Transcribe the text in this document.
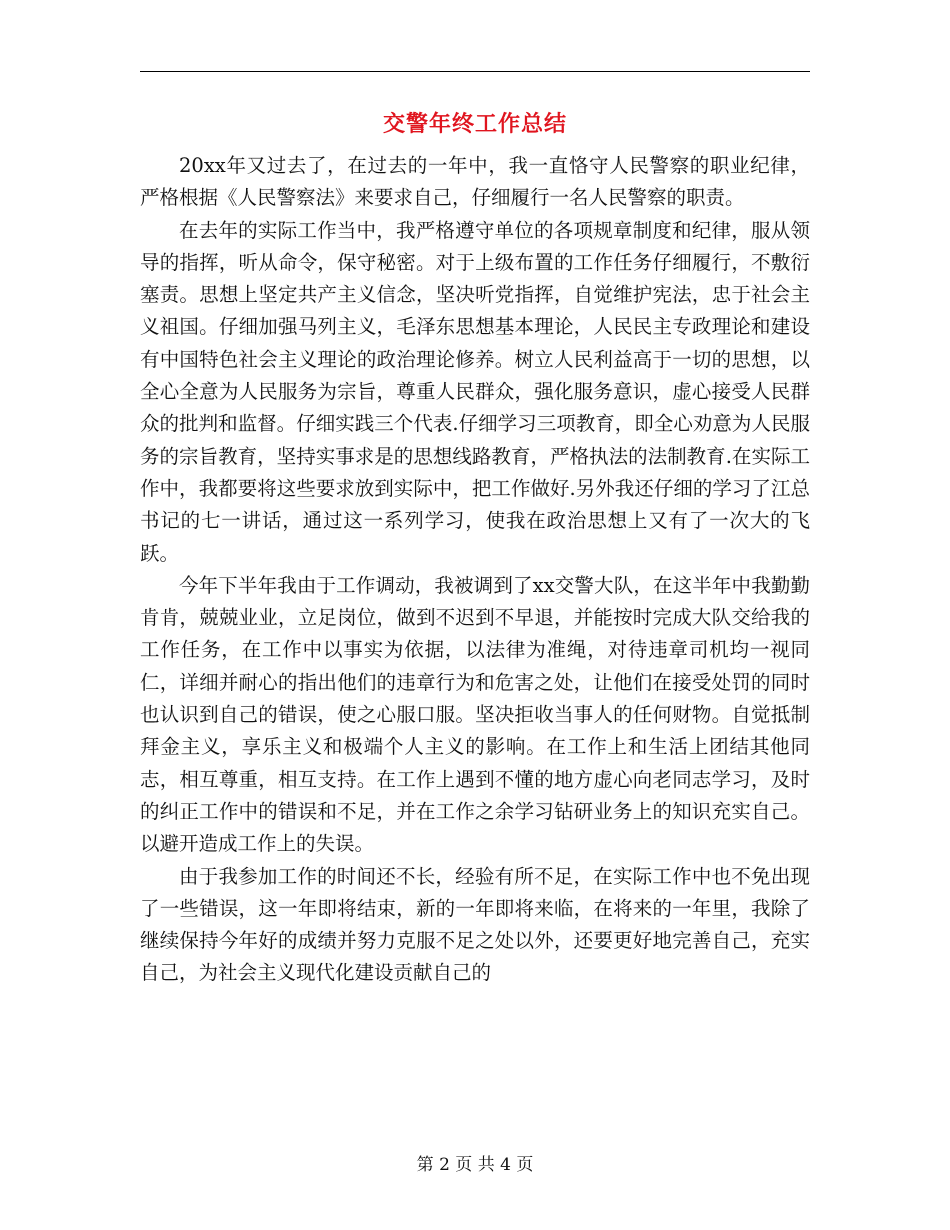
交警年终工作总结

20xx年又过去了，在过去的一年中，我一直恪守人民警察的职业纪律，严格根据《人民警察法》来要求自己，仔细履行一名人民警察的职责。

在去年的实际工作当中，我严格遵守单位的各项规章制度和纪律，服从领导的指挥，听从命令，保守秘密。对于上级布置的工作任务仔细履行，不敷衍塞责。思想上坚定共产主义信念，坚决听党指挥，自觉维护宪法，忠于社会主义祖国。仔细加强马列主义，毛泽东思想基本理论，人民民主专政理论和建设有中国特色社会主义理论的政治理论修养。树立人民利益高于一切的思想，以全心全意为人民服务为宗旨，尊重人民群众，强化服务意识，虚心接受人民群众的批判和监督。仔细实践三个代表.仔细学习三项教育，即全心劝意为人民服务的宗旨教育，坚持实事求是的思想线路教育，严格执法的法制教育.在实际工作中，我都要将这些要求放到实际中，把工作做好.另外我还仔细的学习了江总书记的七一讲话，通过这一系列学习，使我在政治思想上又有了一次大的飞跃。

今年下半年我由于工作调动，我被调到了xx交警大队，在这半年中我勤勤肯肯，兢兢业业，立足岗位，做到不迟到不早退，并能按时完成大队交给我的工作任务，在工作中以事实为依据，以法律为准绳，对待违章司机均一视同仁，详细并耐心的指出他们的违章行为和危害之处，让他们在接受处罚的同时也认识到自己的错误，使之心服口服。坚决拒收当事人的任何财物。自觉抵制拜金主义，享乐主义和极端个人主义的影响。在工作上和生活上团结其他同志，相互尊重，相互支持。在工作上遇到不懂的地方虚心向老同志学习，及时的纠正工作中的错误和不足，并在工作之余学习钻研业务上的知识充实自己。以避开造成工作上的失误。

由于我参加工作的时间还不长，经验有所不足，在实际工作中也不免出现了一些错误，这一年即将结束，新的一年即将来临，在将来的一年里，我除了继续保持今年好的成绩并努力克服不足之处以外，还要更好地完善自己，充实自己，为社会主义现代化建设贡献自己的

第 2 页 共 4 页
